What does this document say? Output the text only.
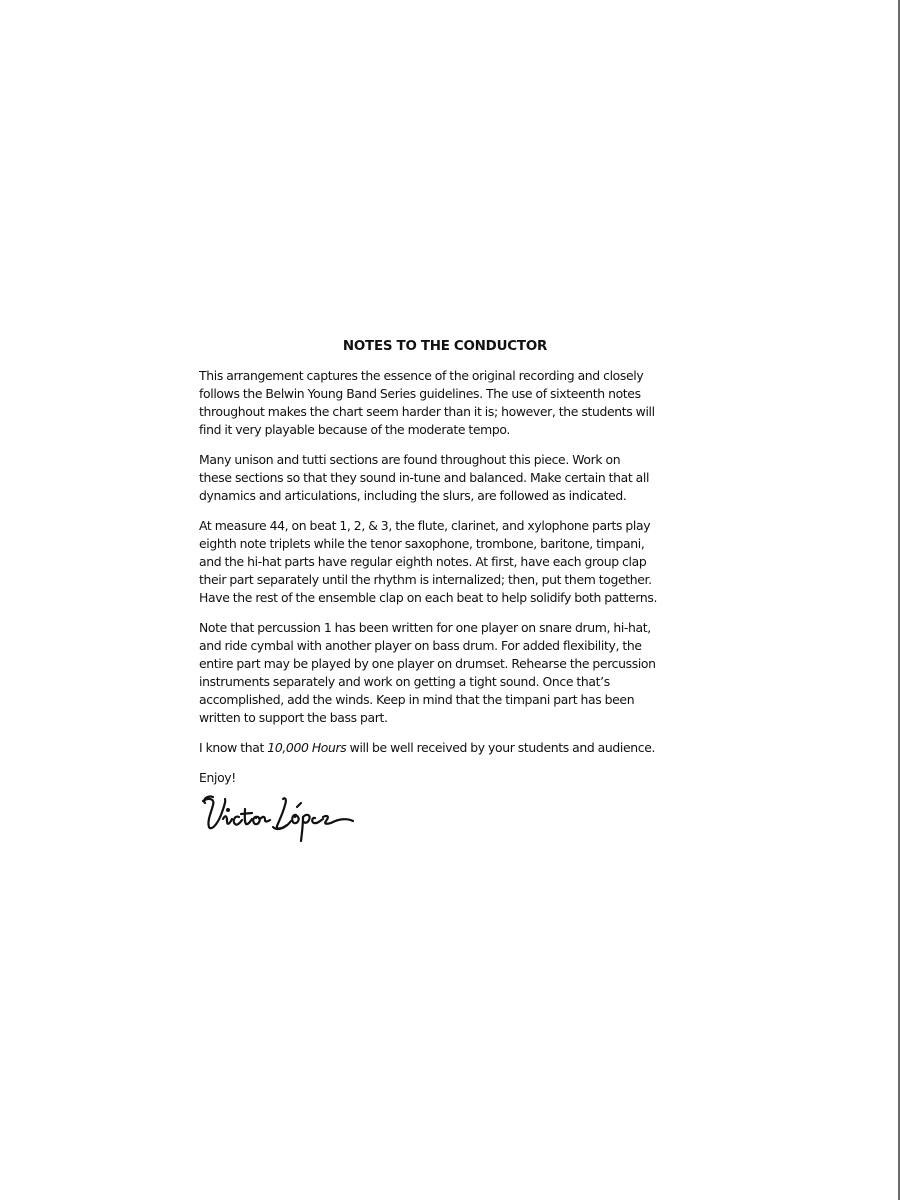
NOTES TO THE CONDUCTOR
This arrangement captures the essence of the original recording and closely
follows the Belwin Young Band Series guidelines. The use of sixteenth notes
throughout makes the chart seem harder than it is; however, the students will
find it very playable because of the moderate tempo.
Many unison and tutti sections are found throughout this piece. Work on
these sections so that they sound in-tune and balanced. Make certain that all
dynamics and articulations, including the slurs, are followed as indicated.
At measure 44, on beat 1, 2, & 3, the flute, clarinet, and xylophone parts play
eighth note triplets while the tenor saxophone, trombone, baritone, timpani,
and the hi-hat parts have regular eighth notes. At first, have each group clap
their part separately until the rhythm is internalized; then, put them together.
Have the rest of the ensemble clap on each beat to help solidify both patterns.
Note that percussion 1 has been written for one player on snare drum, hi-hat,
and ride cymbal with another player on bass drum. For added flexibility, the
entire part may be played by one player on drumset. Rehearse the percussion
instruments separately and work on getting a tight sound. Once that’s
accomplished, add the winds. Keep in mind that the timpani part has been
written to support the bass part.
I know that 10,000 Hours will be well received by your students and audience.
Enjoy!
